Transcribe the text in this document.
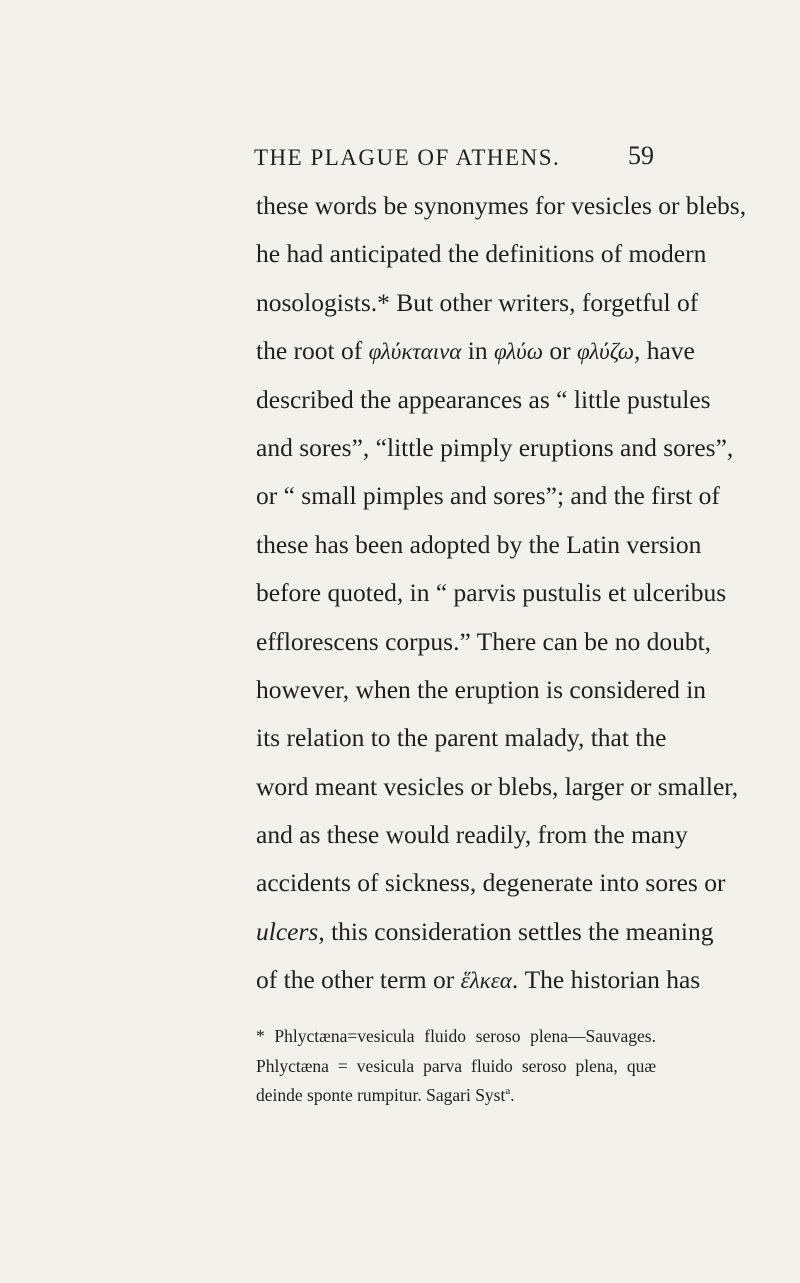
THE PLAGUE OF ATHENS.	59
these words be synonymes for vesicles or blebs,
he had anticipated the definitions of modern
nosologists.* But other writers, forgetful of
the root of φλύκταινα in φλύω or φλύζω, have
described the appearances as “ little pustules
and sores”, “little pimply eruptions and sores”,
or “ small pimples and sores”; and the first of
these has been adopted by the Latin version
before quoted, in “ parvis pustulis et ulceribus
efflorescens corpus.” There can be no doubt,
however, when the eruption is considered in
its relation to the parent malady, that the
word meant vesicles or blebs, larger or smaller,
and as these would readily, from the many
accidents of sickness, degenerate into sores or
ulcers, this consideration settles the meaning
of the other term or ἕλκεα. The historian has
* Phlyctæna=vesicula fluido seroso plena—Sauvages.
Phlyctæna = vesicula parva fluido seroso plena, quæ
deinde sponte rumpitur. Sagari Syst$^a$.
